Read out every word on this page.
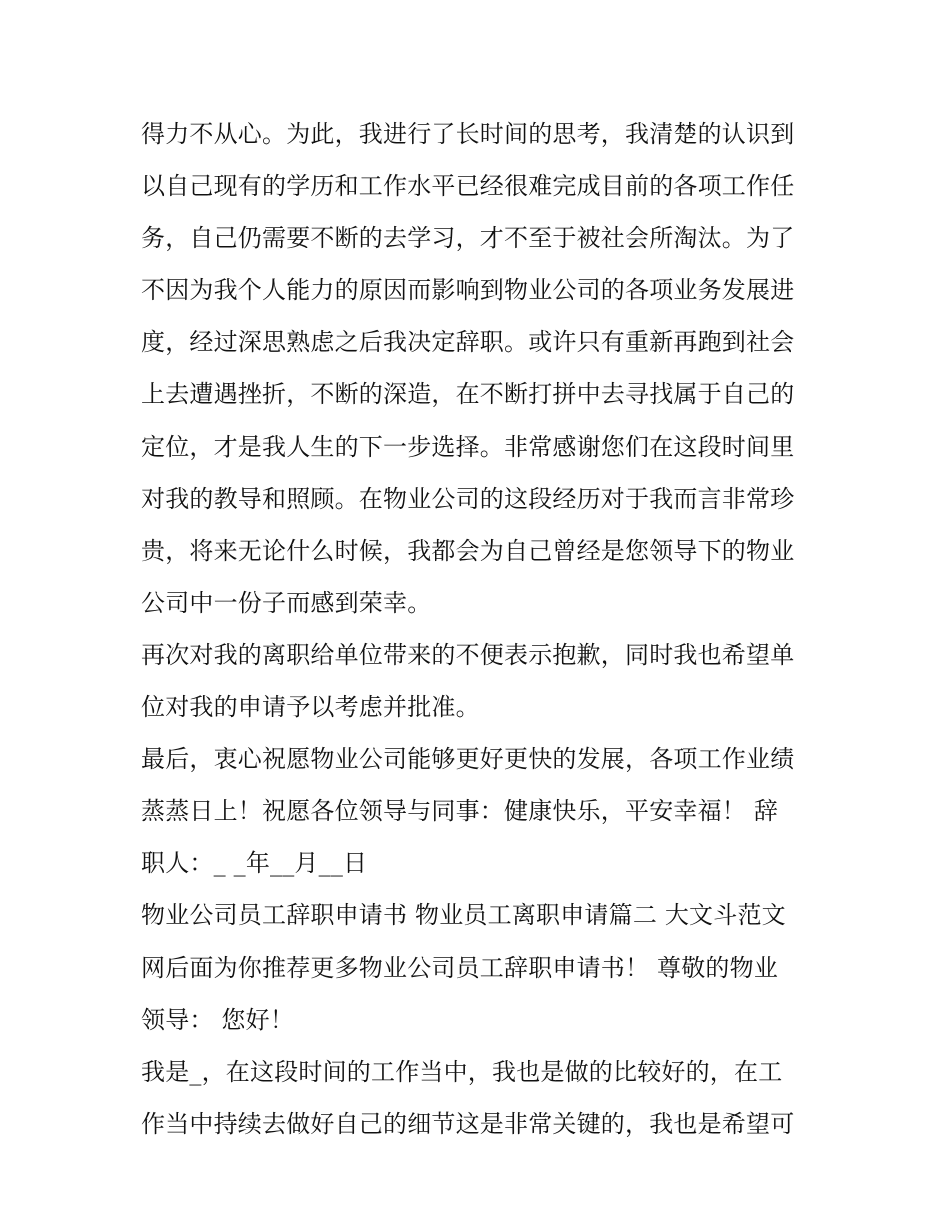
得力不从心。为此，我进行了长时间的思考，我清楚的认识到
以自己现有的学历和工作水平已经很难完成目前的各项工作任
务，自己仍需要不断的去学习，才不至于被社会所淘汰。为了
不因为我个人能力的原因而影响到物业公司的各项业务发展进
度，经过深思熟虑之后我决定辞职。或许只有重新再跑到社会
上去遭遇挫折，不断的深造，在不断打拼中去寻找属于自己的
定位，才是我人生的下一步选择。非常感谢您们在这段时间里
对我的教导和照顾。在物业公司的这段经历对于我而言非常珍
贵，将来无论什么时候，我都会为自己曾经是您领导下的物业
公司中一份子而感到荣幸。
再次对我的离职给单位带来的不便表示抱歉，同时我也希望单
位对我的申请予以考虑并批准。
最后，衷心祝愿物业公司能够更好更快的发展，各项工作业绩
蒸蒸日上！祝愿各位领导与同事：健康快乐，平安幸福！ 辞
职人：_ _年__月__日
物业公司员工辞职申请书 物业员工离职申请篇二 大文斗范文
网后面为你推荐更多物业公司员工辞职申请书！ 尊敬的物业
领导： 您好！
我是_，在这段时间的工作当中，我也是做的比较好的，在工
作当中持续去做好自己的细节这是非常关键的，我也是希望可
